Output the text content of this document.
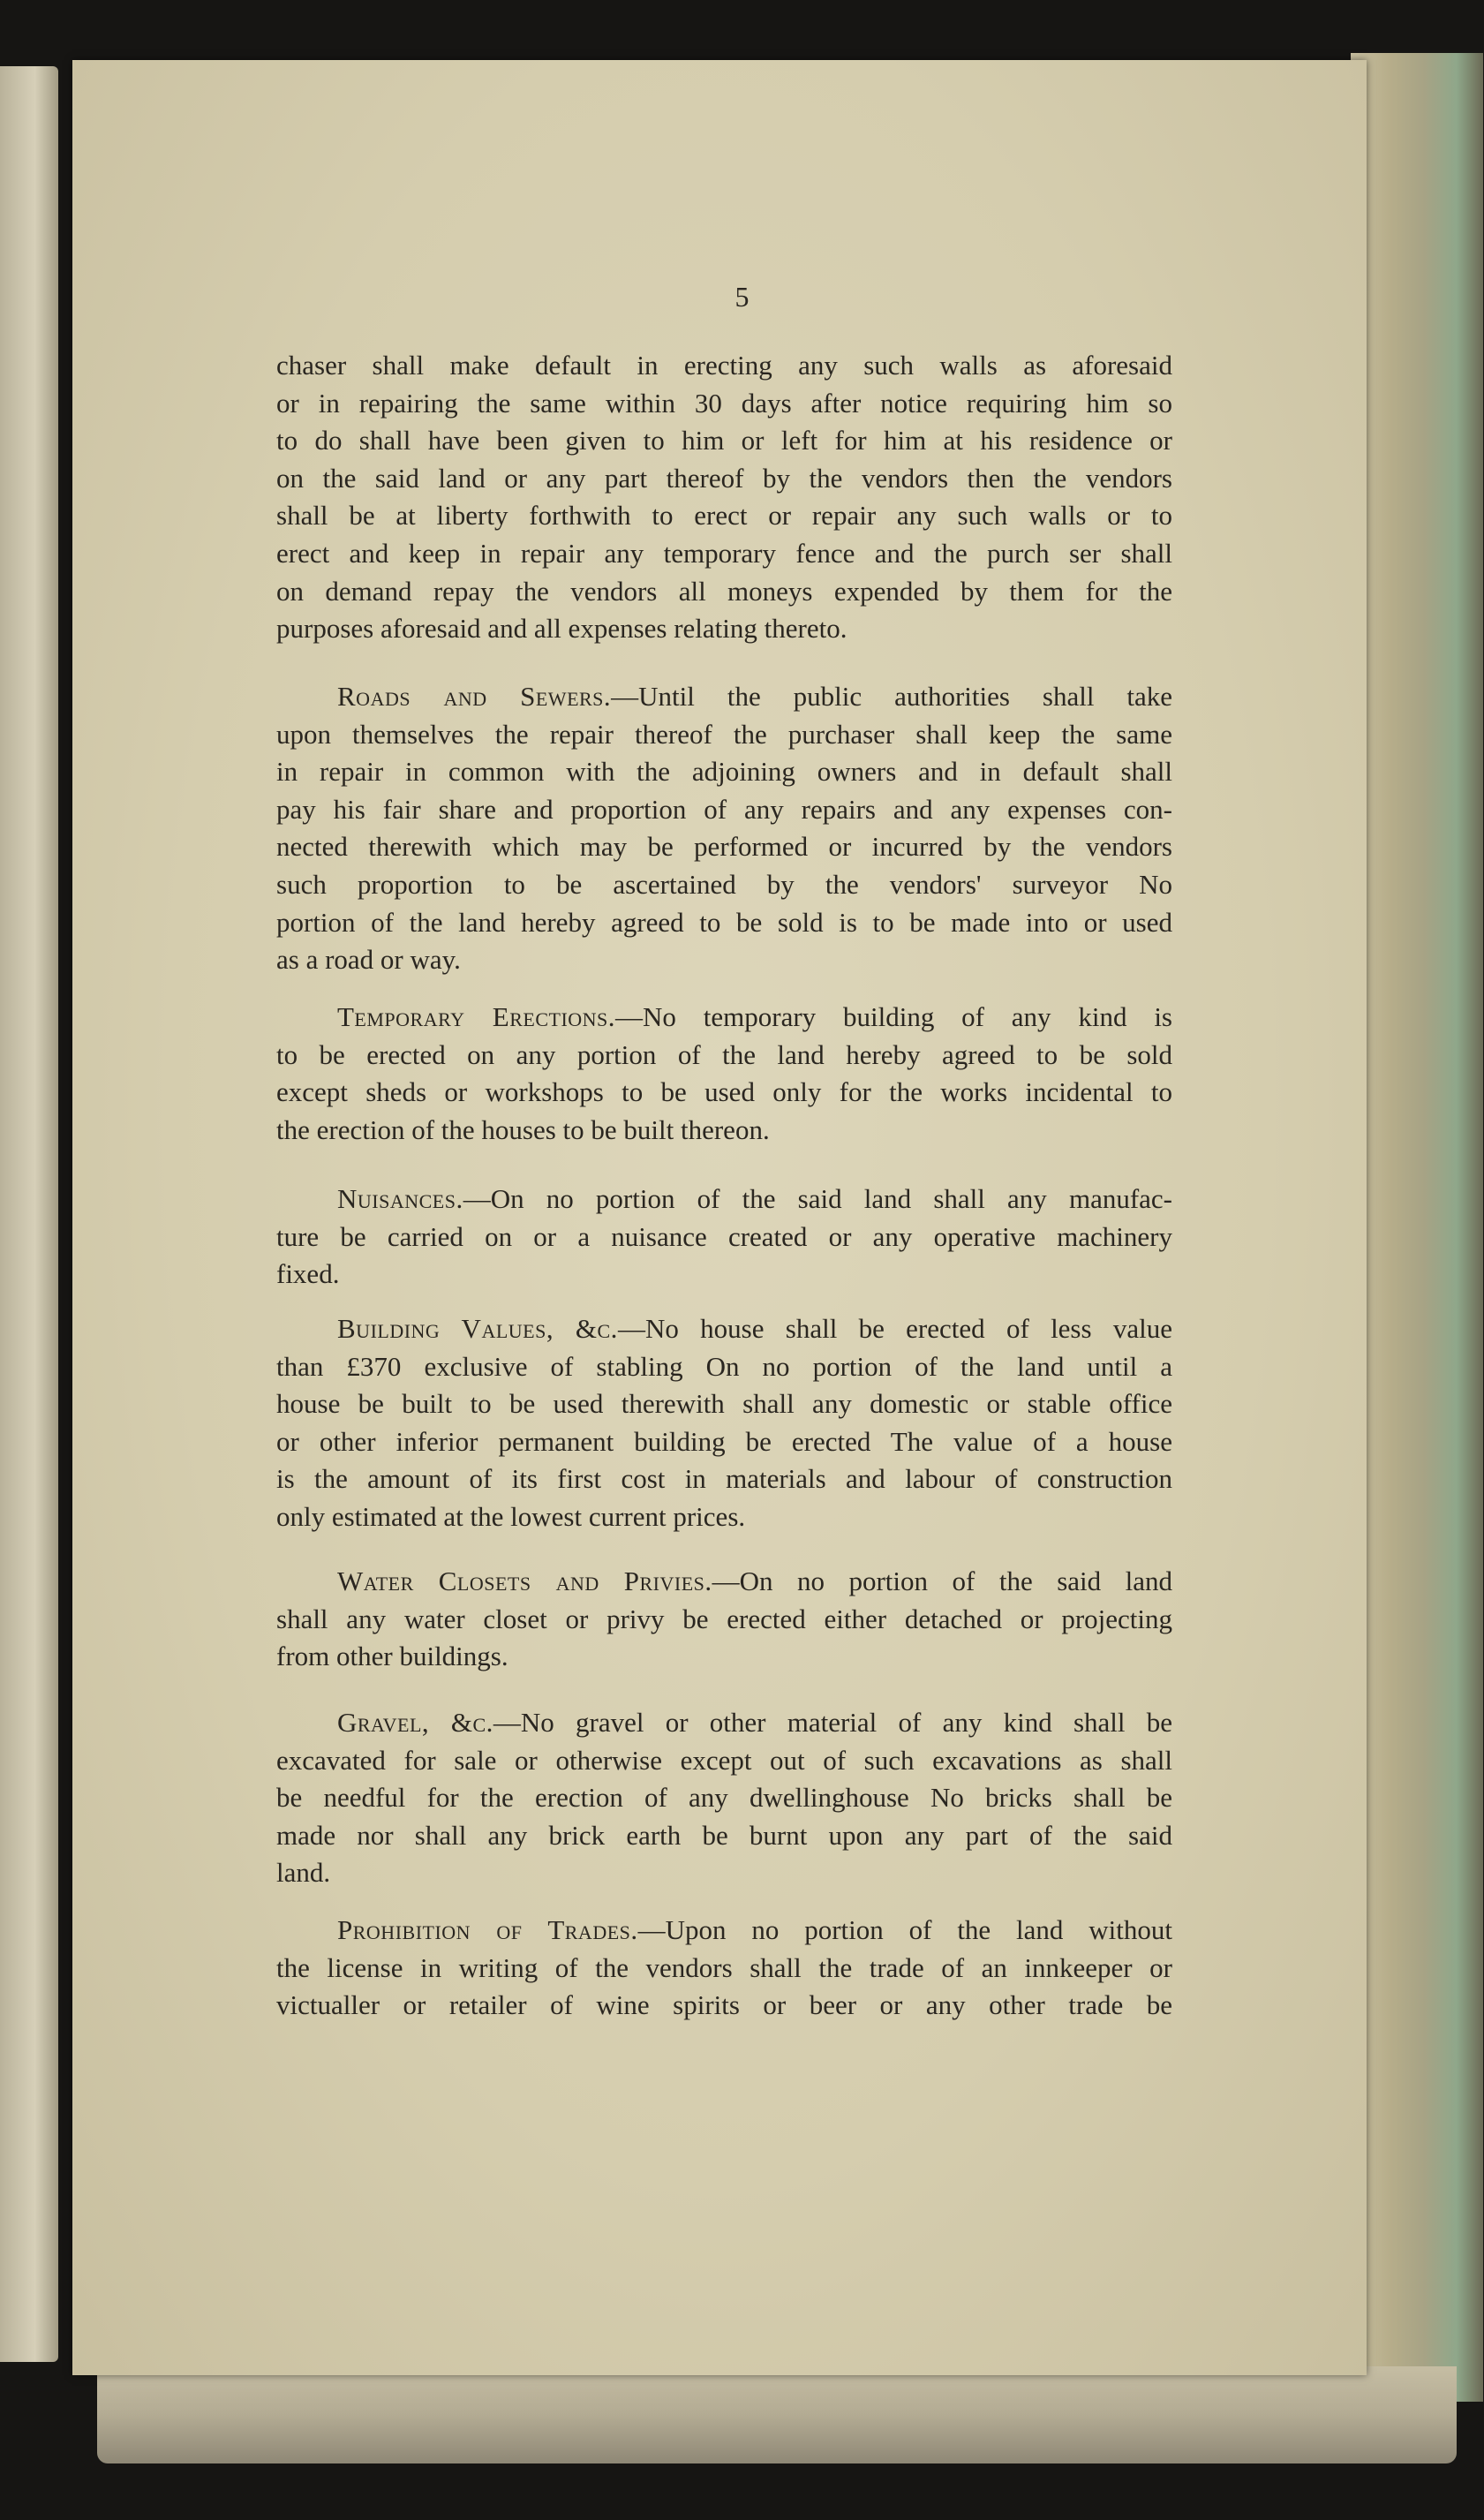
5
chaser shall make default in erecting any such walls as aforesaid
or in repairing the same within 30 days after notice requiring him so
to do shall have been given to him or left for him at his residence or
on the said land or any part thereof by the vendors then the vendors
shall be at liberty forthwith to erect or repair any such walls or to
erect and keep in repair any temporary fence and the purch ser shall
on demand repay the vendors all moneys expended by them for the
purposes aforesaid and all expenses relating thereto.
Roads and Sewers.—Until the public authorities shall take
upon themselves the repair thereof the purchaser shall keep the same
in repair in common with the adjoining owners and in default shall
pay his fair share and proportion of any repairs and any expenses con-
nected therewith which may be performed or incurred by the vendors
such proportion to be ascertained by the vendors' surveyor No
portion of the land hereby agreed to be sold is to be made into or used
as a road or way.
Temporary Erections.—No temporary building of any kind is
to be erected on any portion of the land hereby agreed to be sold
except sheds or workshops to be used only for the works incidental to
the erection of the houses to be built thereon.
Nuisances.—On no portion of the said land shall any manufac-
ture be carried on or a nuisance created or any operative machinery
fixed.
Building Values, &c.—No house shall be erected of less value
than £370 exclusive of stabling On no portion of the land until a
house be built to be used therewith shall any domestic or stable office
or other inferior permanent building be erected The value of a house
is the amount of its first cost in materials and labour of construction
only estimated at the lowest current prices.
Water Closets and Privies.—On no portion of the said land
shall any water closet or privy be erected either detached or projecting
from other buildings.
Gravel, &c.—No gravel or other material of any kind shall be
excavated for sale or otherwise except out of such excavations as shall
be needful for the erection of any dwellinghouse No bricks shall be
made nor shall any brick earth be burnt upon any part of the said
land.
Prohibition of Trades.—Upon no portion of the land without
the license in writing of the vendors shall the trade of an innkeeper or
victualler or retailer of wine spirits or beer or any other trade be
